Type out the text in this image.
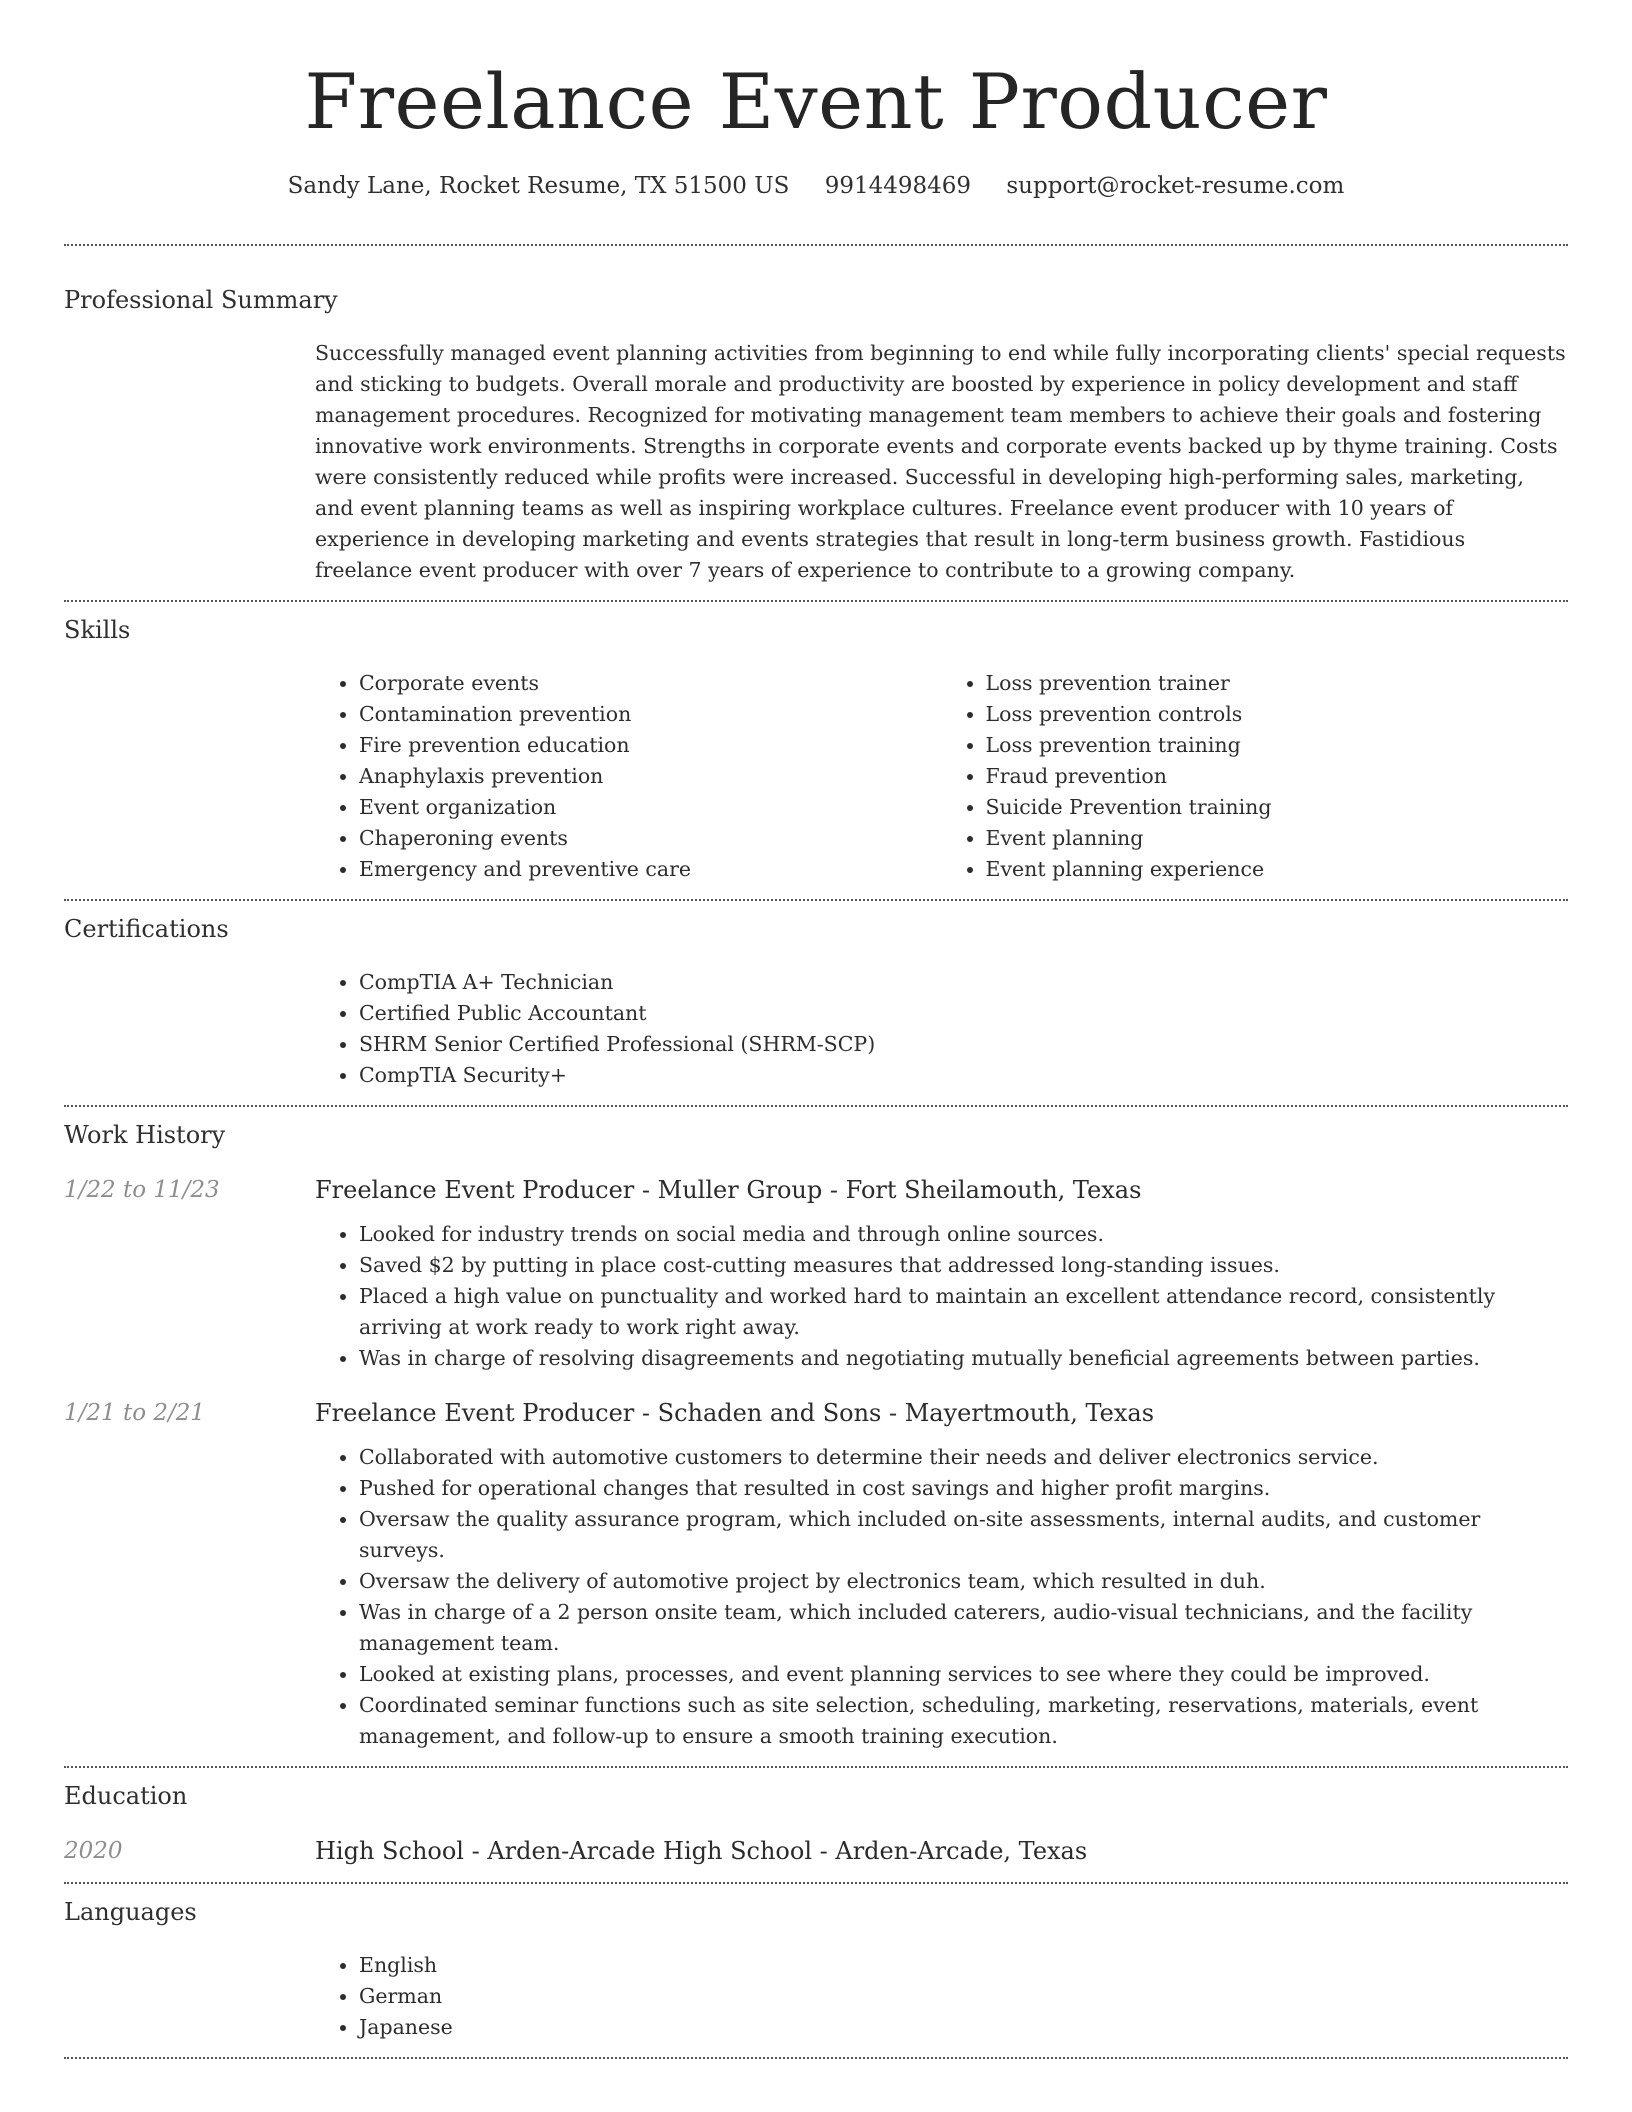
Freelance Event Producer
Sandy Lane, Rocket Resume, TX 51500 US 9914498469 support@rocket-resume.com
Professional Summary

Successfully managed event planning activities from beginning to end while fully incorporating clients' special requests and sticking to budgets. Overall morale and productivity are boosted by experience in policy development and staff management procedures. Recognized for motivating management team members to achieve their goals and fostering innovative work environments. Strengths in corporate events and corporate events backed up by thyme training. Costs were consistently reduced while profits were increased. Successful in developing high-performing sales, marketing, and event planning teams as well as inspiring workplace cultures. Freelance event producer with 10 years of experience in developing marketing and events strategies that result in long-term business growth. Fastidious freelance event producer with over 7 years of experience to contribute to a growing company.

Skills
• Corporate events
• Contamination prevention
• Fire prevention education
• Anaphylaxis prevention
• Event organization
• Chaperoning events
• Emergency and preventive care
• Loss prevention trainer
• Loss prevention controls
• Loss prevention training
• Fraud prevention
• Suicide Prevention training
• Event planning
• Event planning experience
Certifications
• CompTIA A+ Technician
• Certified Public Accountant
• SHRM Senior Certified Professional (SHRM-SCP)
• CompTIA Security+
Work History
1/22 to 11/23	Freelance Event Producer - Muller Group - Fort Sheilamouth, Texas
• Looked for industry trends on social media and through online sources.
• Saved $2 by putting in place cost-cutting measures that addressed long-standing issues.
• Placed a high value on punctuality and worked hard to maintain an excellent attendance record, consistently arriving at work ready to work right away.
• Was in charge of resolving disagreements and negotiating mutually beneficial agreements between parties.
1/21 to 2/21	Freelance Event Producer - Schaden and Sons - Mayertmouth, Texas
• Collaborated with automotive customers to determine their needs and deliver electronics service.
• Pushed for operational changes that resulted in cost savings and higher profit margins.
• Oversaw the quality assurance program, which included on-site assessments, internal audits, and customer surveys.
• Oversaw the delivery of automotive project by electronics team, which resulted in duh.
• Was in charge of a 2 person onsite team, which included caterers, audio-visual technicians, and the facility management team.
• Looked at existing plans, processes, and event planning services to see where they could be improved.
• Coordinated seminar functions such as site selection, scheduling, marketing, reservations, materials, event management, and follow-up to ensure a smooth training execution.
Education
2020	High School - Arden-Arcade High School - Arden-Arcade, Texas
Languages
• English
• German
• Japanese
